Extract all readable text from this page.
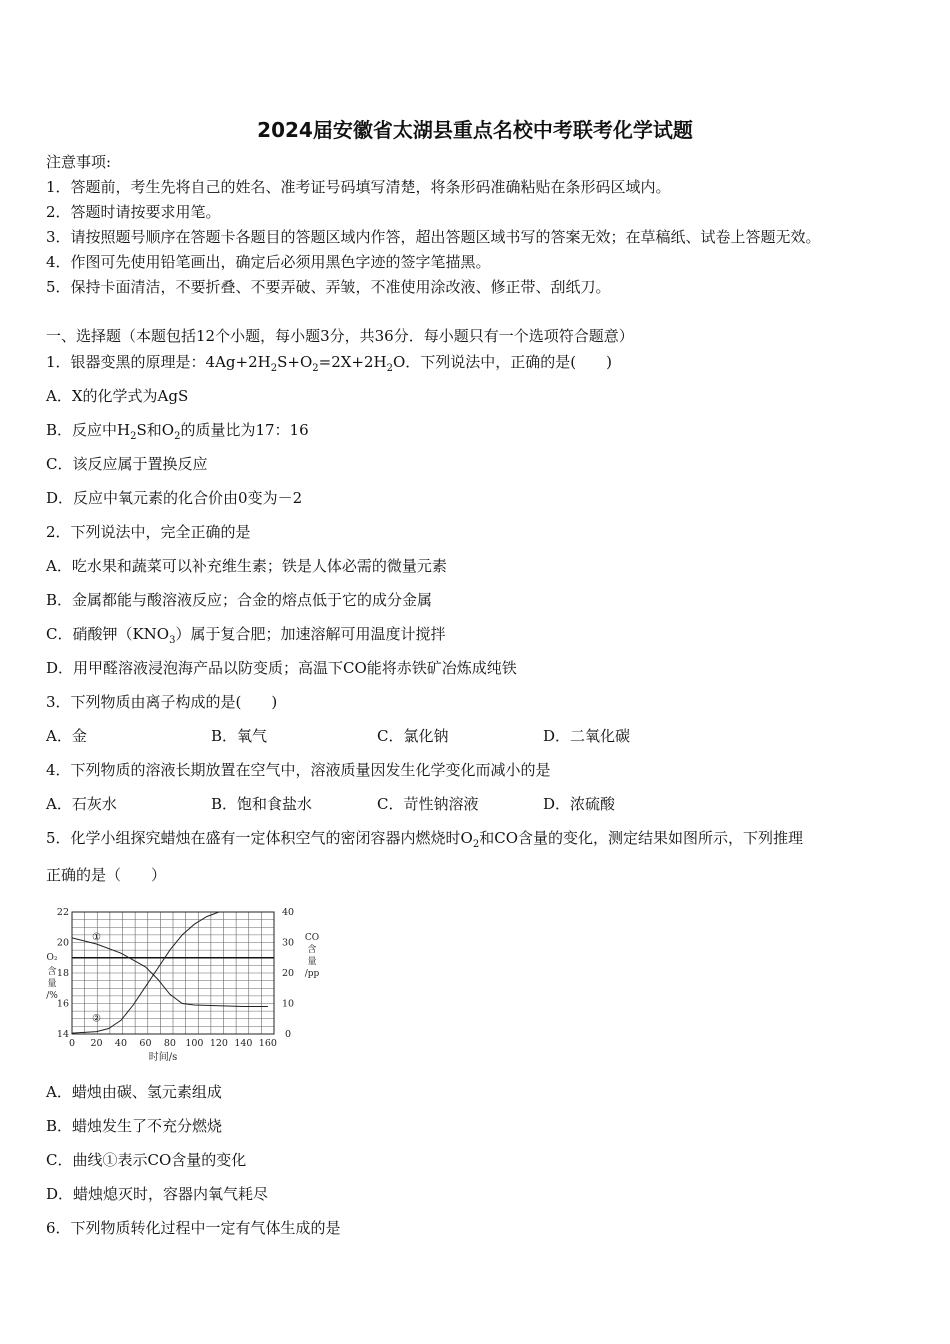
2024届安徽省太湖县重点名校中考联考化学试题
注意事项:
1．答题前，考生先将自己的姓名、准考证号码填写清楚，将条形码准确粘贴在条形码区域内。
2．答题时请按要求用笔。
3．请按照题号顺序在答题卡各题目的答题区域内作答，超出答题区域书写的答案无效；在草稿纸、试卷上答题无效。
4．作图可先使用铅笔画出，确定后必须用黑色字迹的签字笔描黑。
5．保持卡面清洁，不要折叠、不要弄破、弄皱，不准使用涂改液、修正带、刮纸刀。
一、选择题（本题包括12个小题，每小题3分，共36分．每小题只有一个选项符合题意）
1．银器变黑的原理是：$4Ag+2H_2S+O_2=2X+2H_2O$．下列说法中，正确的是(　　)
A．X的化学式为AgS
B．反应中$H_2S$和$O_2$的质量比为17：16
C．该反应属于置换反应
D．反应中氧元素的化合价由0变为－2
2．下列说法中，完全正确的是
A．吃水果和蔬菜可以补充维生素；铁是人体必需的微量元素
B．金属都能与酸溶液反应；合金的熔点低于它的成分金属
C．硝酸钾$(KNO_3)$属于复合肥；加速溶解可用温度计搅拌
D．用甲醛溶液浸泡海产品以防变质；高温下CO能将赤铁矿冶炼成纯铁
3．下列物质由离子构成的是(　　)
A．金	B．氧气	C．氯化钠	D．二氧化碳
4．下列物质的溶液长期放置在空气中，溶液质量因发生化学变化而减小的是
A．石灰水	B．饱和食盐水	C．苛性钠溶液	D．浓硫酸
5．化学小组探究蜡烛在盛有一定体积空气的密闭容器内燃烧时$O_2$和CO含量的变化，测定结果如图所示，下列推理
正确的是（　　）
①
②
0 20 40 60 80 100 120 140 160
时间/s
14
16
18
20
22
O₂
含
量
/%
0
10
20
30
40
CO
含
量
/pp
A．蜡烛由碳、氢元素组成
B．蜡烛发生了不充分燃烧
C．曲线①表示CO含量的变化
D．蜡烛熄灭时，容器内氧气耗尽
6．下列物质转化过程中一定有气体生成的是
